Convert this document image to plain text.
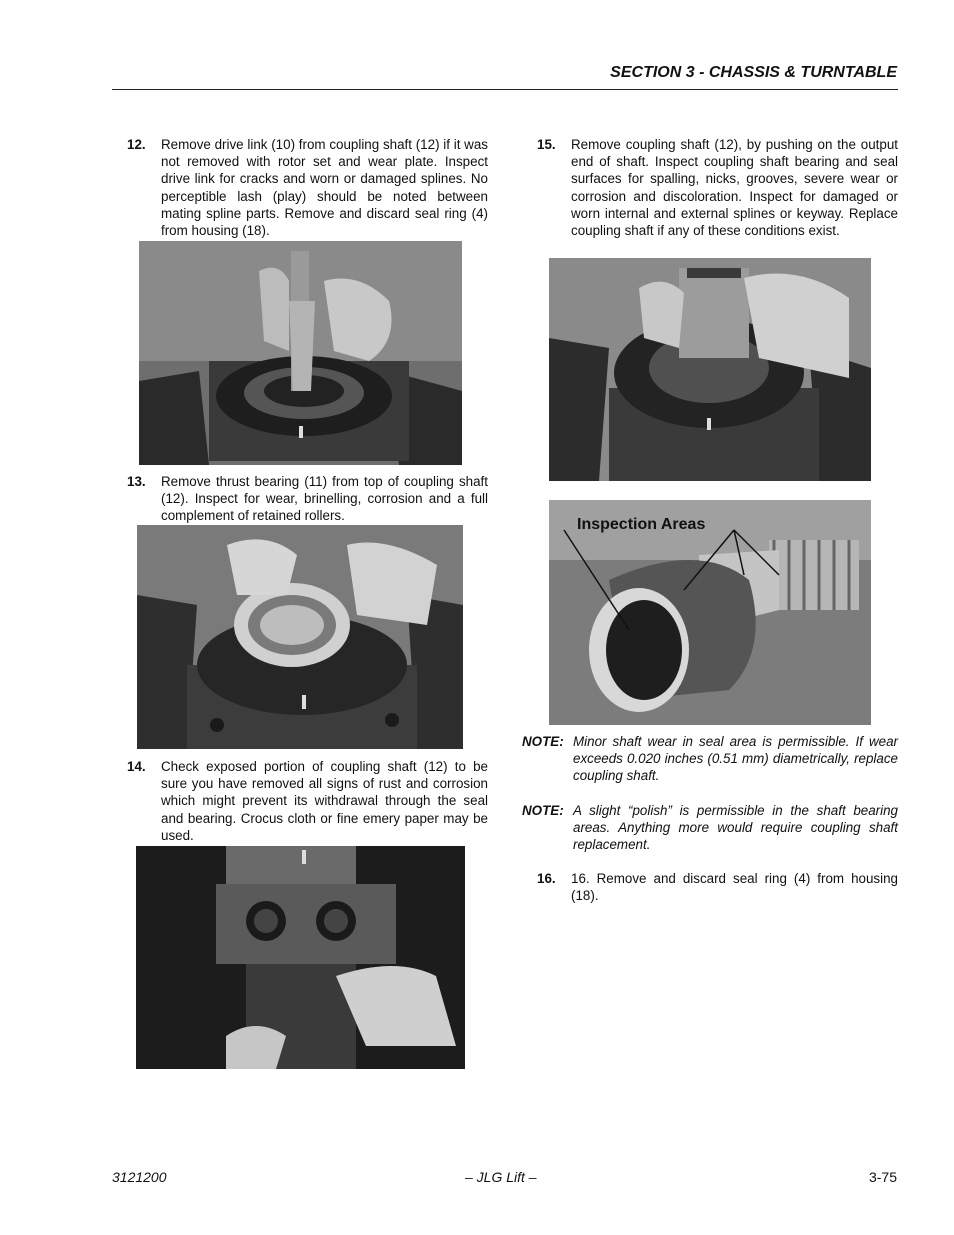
SECTION 3 - CHASSIS & TURNTABLE
12.	Remove drive link (10) from coupling shaft (12) if it was not removed with rotor set and wear plate. Inspect drive link for cracks and worn or damaged splines. No perceptible lash (play) should be noted between mating spline parts. Remove and discard seal ring (4) from housing (18).
13.	Remove thrust bearing (11) from top of coupling shaft (12). Inspect for wear, brinelling, corrosion and a full complement of retained rollers.
14.	Check exposed portion of coupling shaft (12) to be sure you have removed all signs of rust and corrosion which might prevent its withdrawal through the seal and bearing. Crocus cloth or fine emery paper may be used.
15.	Remove coupling shaft (12), by pushing on the output end of shaft. Inspect coupling shaft bearing and seal surfaces for spalling, nicks, grooves, severe wear or corrosion and discoloration. Inspect for damaged or worn internal and external splines or keyway. Replace coupling shaft if any of these conditions exist.
Inspection Areas
NOTE: Minor shaft wear in seal area is permissible. If wear exceeds 0.020 inches (0.51 mm) diametrically, replace coupling shaft.
NOTE: A slight “polish” is permissible in the shaft bearing areas. Anything more would require coupling shaft replacement.
16.	16. Remove and discard seal ring (4) from housing (18).
3121200	– JLG Lift –	3-75
